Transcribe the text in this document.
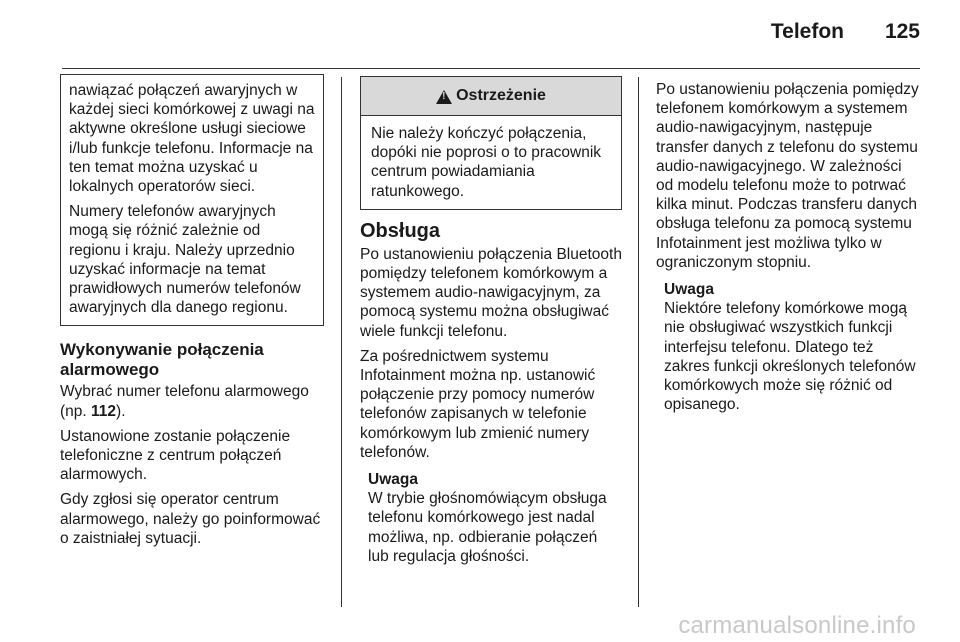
Telefon 125

nawiązać połączeń awaryjnych w każdej sieci komórkowej z uwagi na aktywne określone usługi sieciowe i/lub funkcje telefonu. Informacje na ten temat można uzyskać u lokalnych operatorów sieci.

Numery telefonów awaryjnych mogą się różnić zależnie od regionu i kraju. Należy uprzednio uzyskać informacje na temat prawidłowych numerów telefonów awaryjnych dla danego regionu.

Wykonywanie połączenia alarmowego

Wybrać numer telefonu alarmowego (np. 112).

Ustanowione zostanie połączenie telefoniczne z centrum połączeń alarmowych.

Gdy zgłosi się operator centrum alarmowego, należy go poinformować o zaistniałej sytuacji.

!
Ostrzeżenie
Nie należy kończyć połączenia, dopóki nie poprosi o to pracownik centrum powiadamiania ratunkowego.
Obsługa

Po ustanowieniu połączenia Bluetooth pomiędzy telefonem komórkowym a systemem audio-nawigacyjnym, za pomocą systemu można obsługiwać wiele funkcji telefonu.

Za pośrednictwem systemu Infotainment można np. ustanowić połączenie przy pomocy numerów telefonów zapisanych w telefonie komórkowym lub zmienić numery telefonów.

Uwaga
W trybie głośnomówiącym obsługa telefonu komórkowego jest nadal możliwa, np. odbieranie połączeń lub regulacja głośności.

Po ustanowieniu połączenia pomiędzy telefonem komórkowym a systemem audio-nawigacyjnym, następuje transfer danych z telefonu do systemu audio-nawigacyjnego. W zależności od modelu telefonu może to potrwać kilka minut. Podczas transferu danych obsługa telefonu za pomocą systemu Infotainment jest możliwa tylko w ograniczonym stopniu.

Uwaga
Niektóre telefony komórkowe mogą nie obsługiwać wszystkich funkcji interfejsu telefonu. Dlatego też zakres funkcji określonych telefonów komórkowych może się różnić od opisanego.
carmanualsonline.info
